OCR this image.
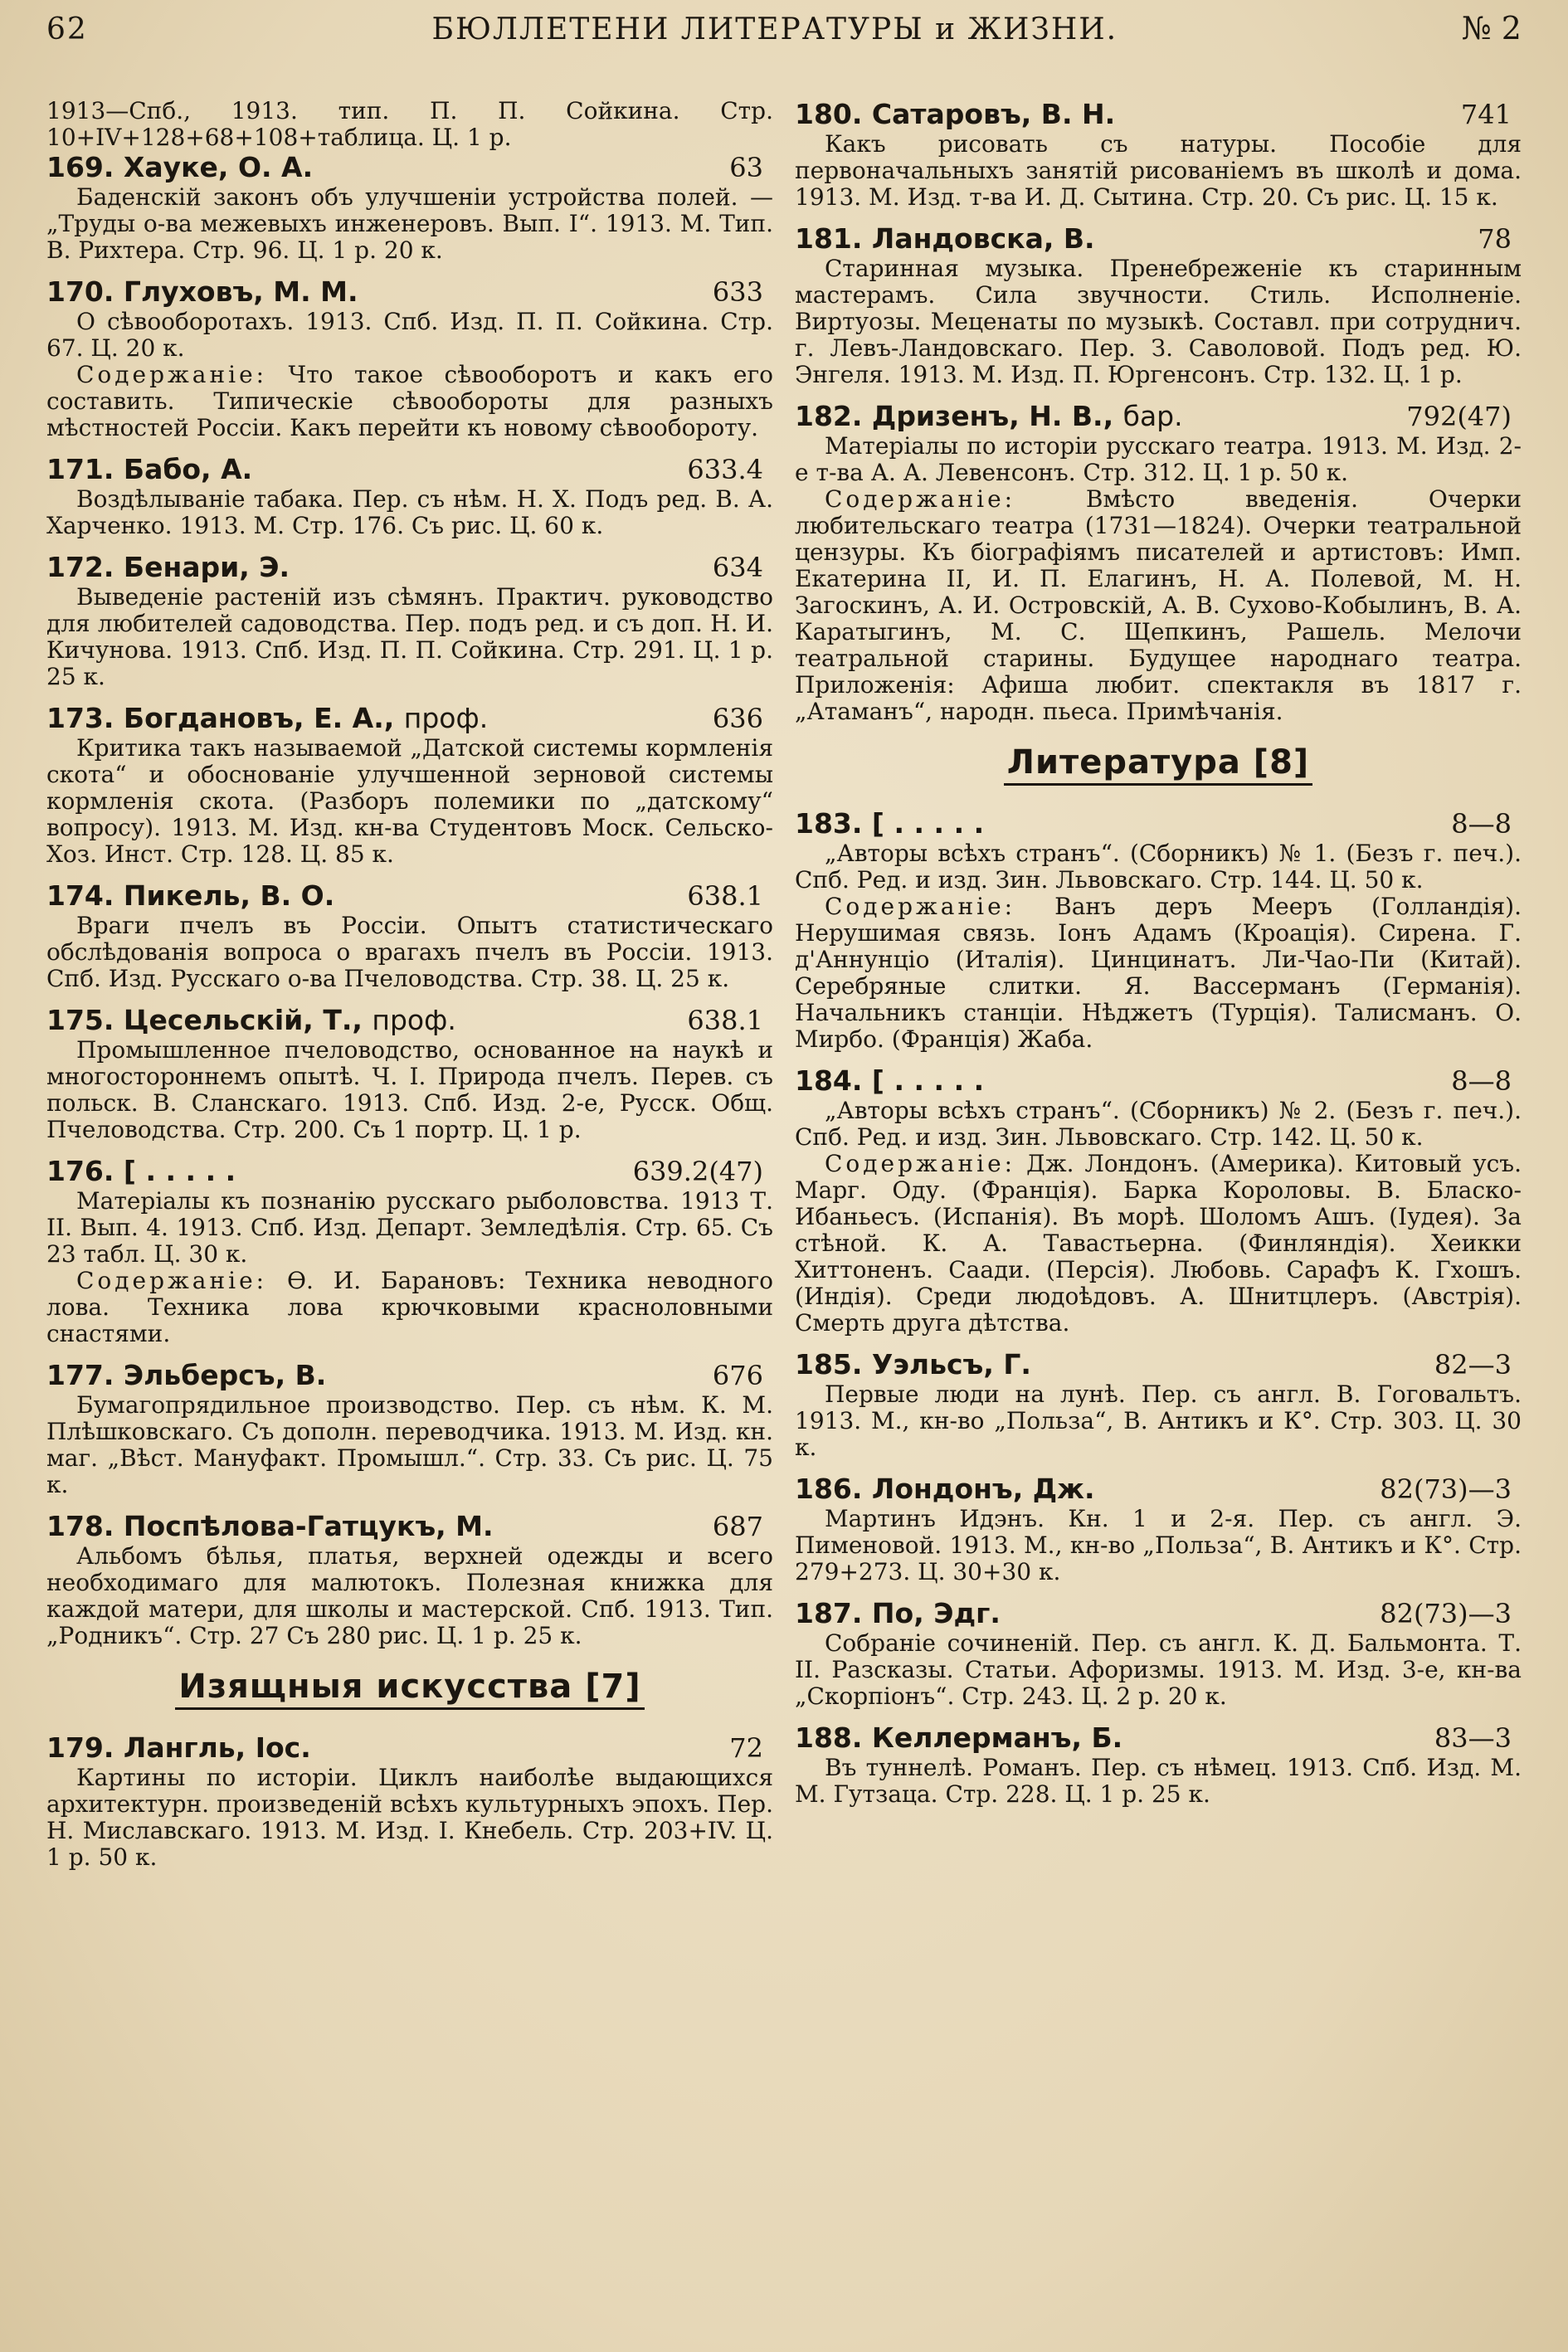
62	БЮЛЛЕТЕНИ ЛИТЕРАТУРЫ и ЖИЗНИ.	№ 2

1913—Спб., 1913. тип. П. П. Сойкина. Стр. 10+IV+128+68+108+таблица. Ц. 1 р.

169. Хауке, О. А.	63

Баденскій законъ объ улучшеніи устройства полей. — „Труды о-ва межевыхъ инженеровъ. Вып. I“. 1913. М. Тип. В. Рихтера. Стр. 96. Ц. 1 р. 20 к.

170. Глуховъ, М. М.	633

О сѣвооборотахъ. 1913. Спб. Изд. П. П. Сойкина. Стр. 67. Ц. 20 к.

Содержаніе: Что такое сѣвооборотъ и какъ его составить. Типическіе сѣвообороты для разныхъ мѣстностей Россіи. Какъ перейти къ новому сѣвообороту.

171. Бабо, А.	633.4

Воздѣлываніе табака. Пер. съ нѣм. Н. Х. Подъ ред. В. А. Харченко. 1913. М. Стр. 176. Съ рис. Ц. 60 к.

172. Бенари, Э.	634

Выведеніе растеній изъ сѣмянъ. Практич. руководство для любителей садоводства. Пер. подъ ред. и съ доп. Н. И. Кичунова. 1913. Спб. Изд. П. П. Сойкина. Стр. 291. Ц. 1 р. 25 к.

173. Богдановъ, Е. А., проф.	636

Критика такъ называемой „Датской системы кормленія скота“ и обоснованіе улучшенной зерновой системы кормленія скота. (Разборъ полемики по „датскому“ вопросу). 1913. М. Изд. кн-ва Студентовъ Моск. Сельско-Хоз. Инст. Стр. 128. Ц. 85 к.

174. Пикель, В. О.	638.1

Враги пчелъ въ Россіи. Опытъ статистическаго обслѣдованія вопроса о врагахъ пчелъ въ Россіи. 1913. Спб. Изд. Русскаго о-ва Пчеловодства. Стр. 38. Ц. 25 к.

175. Цесельскій, Т., проф.	638.1

Промышленное пчеловодство, основанное на наукѣ и многостороннемъ опытѣ. Ч. I. Природа пчелъ. Перев. съ польск. В. Сланскаго. 1913. Спб. Изд. 2-е, Русск. Общ. Пчеловодства. Стр. 200. Съ 1 портр. Ц. 1 р.

176. [ . . . . .	639.2(47)

Матеріалы къ познанію русскаго рыболовства. 1913 Т. II. Вып. 4. 1913. Спб. Изд. Департ. Земледѣлія. Стр. 65. Съ 23 табл. Ц. 30 к.

Содержаніе: Ѳ. И. Барановъ: Техника неводного лова. Техника лова крючковыми красноловными снастями.

177. Эльберсъ, В.	676

Бумагопрядильное производство. Пер. съ нѣм. К. М. Плѣшковскаго. Съ дополн. переводчика. 1913. М. Изд. кн. маг. „Вѣст. Мануфакт. Промышл.“. Стр. 33. Съ рис. Ц. 75 к.

178. Поспѣлова-Гатцукъ, М.	687

Альбомъ бѣлья, платья, верхней одежды и всего необходимаго для малютокъ. Полезная книжка для каждой матери, для школы и мастерской. Спб. 1913. Тип. „Родникъ“. Стр. 27 Съ 280 рис. Ц. 1 р. 25 к.

Изящныя искусства [7]
179. Лангль, Іос.	72

Картины по исторіи. Циклъ наиболѣе выдающихся архитектурн. произведеній всѣхъ культурныхъ эпохъ. Пер. Н. Миславскаго. 1913. М. Изд. І. Кнебель. Стр. 203+IV. Ц. 1 р. 50 к.

180. Сатаровъ, В. Н.	741

Какъ рисовать съ натуры. Пособіе для первоначальныхъ занятій рисованіемъ въ школѣ и дома. 1913. М. Изд. т-ва И. Д. Сытина. Стр. 20. Съ рис. Ц. 15 к.

181. Ландовска, В.	78

Старинная музыка. Пренебреженіе къ старинным мастерамъ. Сила звучности. Стиль. Исполненіе. Виртуозы. Меценаты по музыкѣ. Составл. при сотруднич. г. Левъ-Ландовскаго. Пер. З. Саволовой. Подъ ред. Ю. Энгеля. 1913. М. Изд. П. Юргенсонъ. Стр. 132. Ц. 1 р.

182. Дризенъ, Н. В., бар.	792(47)

Матеріалы по исторіи русскаго театра. 1913. М. Изд. 2-е т-ва А. А. Левенсонъ. Стр. 312. Ц. 1 р. 50 к.

Содержаніе:	Вмѣсто введенія. Очерки любительскаго театра (1731—1824). Очерки театральной цензуры. Къ біографіямъ писателей и артистовъ: Имп. Екатерина II, И. П. Елагинъ, Н. А. Полевой, М. Н. Загоскинъ, А. И. Островскій, А. В. Сухово-Кобылинъ, В. А. Каратыгинъ, М. С. Щепкинъ, Рашель. Мелочи театральной старины. Будущее народнаго театра. Приложенія: Афиша любит. спектакля въ 1817 г. „Атаманъ“, народн. пьеса. Примѣчанія.

Литература [8]
183. [ . . . . .	8—8

„Авторы всѣхъ странъ“. (Сборникъ) № 1. (Безъ г. печ.). Спб. Ред. и изд. Зин. Львовскаго. Стр. 144. Ц. 50 к.

Содержаніе: Ванъ деръ Мееръ (Голландія). Нерушимая связь. Іонъ Адамъ (Кроація). Сирена. Г. д'Аннунціо (Италія). Цинцинатъ. Ли-Чао-Пи (Китай). Серебряные слитки. Я. Вассерманъ (Германія). Начальникъ станціи. Нѣджетъ (Турція). Талисманъ. О. Мирбо. (Франція) Жаба.

184. [ . . . . .	8—8

„Авторы всѣхъ странъ“. (Сборникъ) № 2. (Безъ г. печ.). Спб. Ред. и изд. Зин. Львовскаго. Стр. 142. Ц. 50 к.

Содержаніе: Дж. Лондонъ. (Америка). Китовый усъ. Марг. Оду. (Франція). Барка Короловы. В. Бласко-Ибаньесъ. (Испанія). Въ морѣ. Шоломъ Ашъ. (Іудея). За стѣной. К. А. Тавастьерна. (Финляндія). Хеикки Хиттоненъ. Саади. (Персія). Любовь. Сарафъ К. Гхошъ. (Индія). Среди людоѣдовъ. А. Шнитцлеръ. (Австрія). Смерть друга дѣтства.

185. Уэльсъ, Г.	82—3

Первые люди на лунѣ. Пер. съ англ. В. Гоговальтъ. 1913. М., кн-во „Польза“, В. Антикъ и К°. Стр. 303. Ц. 30 к.

186. Лондонъ, Дж.	82(73)—3

Мартинъ Идэнъ. Кн. 1 и 2-я. Пер. съ англ. Э. Пименовой. 1913. М., кн-во „Польза“, В. Антикъ и К°. Стр. 279+273. Ц. 30+30 к.

187. По, Эдг.	82(73)—3

Собраніе сочиненій. Пер. съ англ. К. Д. Бальмонта. Т. II. Разсказы. Статьи. Афоризмы. 1913. М. Изд. 3-е, кн-ва „Скорпіонъ“. Стр. 243. Ц. 2 р. 20 к.

188. Келлерманъ, Б.	83—3

Въ туннелѣ. Романъ. Пер. съ нѣмец. 1913. Спб. Изд. М. М. Гутзаца. Стр. 228. Ц. 1 р. 25 к.
